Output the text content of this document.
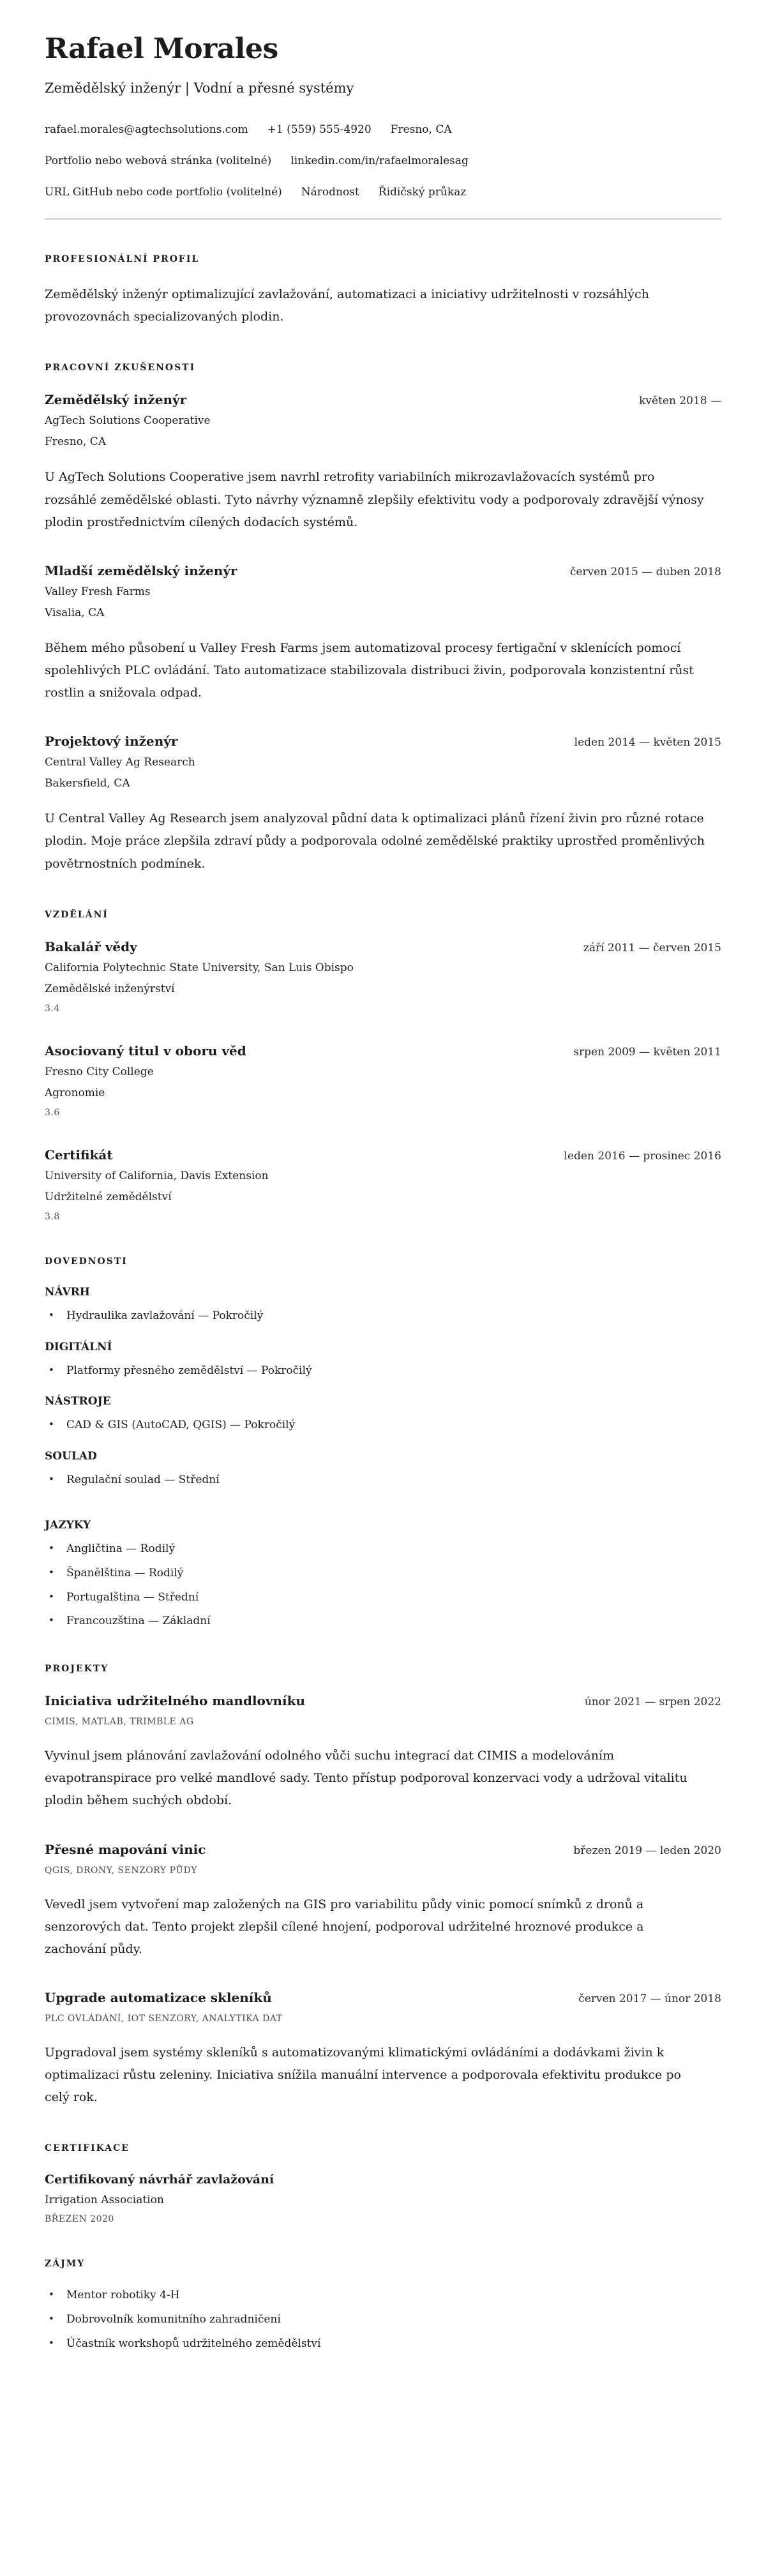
Rafael Morales
Zemědělský inženýr | Vodní a přesné systémy
rafael.morales@agtechsolutions.com +1 (559) 555-4920 Fresno, CA
Portfolio nebo webová stránka (volitelné) linkedin.com/in/rafaelmoralesag
URL GitHub nebo code portfolio (volitelné) Národnost Řidičský průkaz
PROFESIONÁLNÍ PROFIL

Zemědělský inženýr optimalizující zavlažování, automatizaci a iniciativy udržitelnosti v rozsáhlých provozovnách specializovaných plodin.

PRACOVNÍ ZKUŠENOSTI
Zemědělský inženýr	květen 2018 —
AgTech Solutions Cooperative
Fresno, CA

U AgTech Solutions Cooperative jsem navrhl retrofity variabilních mikrozavlažovacích systémů pro rozsáhlé zemědělské oblasti. Tyto návrhy významně zlepšily efektivitu vody a podporovaly zdravější výnosy plodin prostřednictvím cílených dodacích systémů.

Mladší zemědělský inženýr	červen 2015 — duben 2018
Valley Fresh Farms
Visalia, CA

Během mého působení u Valley Fresh Farms jsem automatizoval procesy fertigační v sklenících pomocí spolehlivých PLC ovládání. Tato automatizace stabilizovala distribuci živin, podporovala konzistentní růst rostlin a snižovala odpad.

Projektový inženýr	leden 2014 — květen 2015
Central Valley Ag Research
Bakersfield, CA

U Central Valley Ag Research jsem analyzoval půdní data k optimalizaci plánů řízení živin pro různé rotace plodin. Moje práce zlepšila zdraví půdy a podporovala odolné zemědělské praktiky uprostřed proměnlivých povětrnostních podmínek.

VZDĚLÁNÍ
Bakalář vědy	září 2011 — červen 2015
California Polytechnic State University, San Luis Obispo
Zemědělské inženýrství
3.4
Asociovaný titul v oboru věd	srpen 2009 — květen 2011
Fresno City College
Agronomie
3.6
Certifikát	leden 2016 — prosinec 2016
University of California, Davis Extension
Udržitelné zemědělství
3.8
DOVEDNOSTI
NÁVRH
• Hydraulika zavlažování — Pokročilý
DIGITÁLNÍ
• Platformy přesného zemědělství — Pokročilý
NÁSTROJE
• CAD & GIS (AutoCAD, QGIS) — Pokročilý
SOULAD
• Regulační soulad — Střední
JAZYKY
• Angličtina — Rodilý
• Španělština — Rodilý
• Portugalština — Střední
• Francouzština — Základní
PROJEKTY
Iniciativa udržitelného mandlovníku	únor 2021 — srpen 2022
CIMIS, MATLAB, TRIMBLE AG

Vyvinul jsem plánování zavlažování odolného vůči suchu integrací dat CIMIS a modelováním evapotranspirace pro velké mandlové sady. Tento přístup podporoval konzervaci vody a udržoval vitalitu plodin během suchých období.

Přesné mapování vinic	březen 2019 — leden 2020
QGIS, DRONY, SENZORY PŮDY

Vevedl jsem vytvoření map založených na GIS pro variabilitu půdy vinic pomocí snímků z dronů a senzorových dat. Tento projekt zlepšil cílené hnojení, podporoval udržitelné hroznové produkce a zachování půdy.

Upgrade automatizace skleníků	červen 2017 — únor 2018
PLC OVLÁDÁNÍ, IOT SENZORY, ANALYTIKA DAT

Upgradoval jsem systémy skleníků s automatizovanými klimatickými ovládáními a dodávkami živin k optimalizaci růstu zeleniny. Iniciativa snížila manuální intervence a podporovala efektivitu produkce po celý rok.

CERTIFIKACE
Certifikovaný návrhář zavlažování
Irrigation Association
BŘEZEN 2020
ZÁJMY
• Mentor robotiky 4-H
• Dobrovolník komunitního zahradničení
• Účastník workshopů udržitelného zemědělství
